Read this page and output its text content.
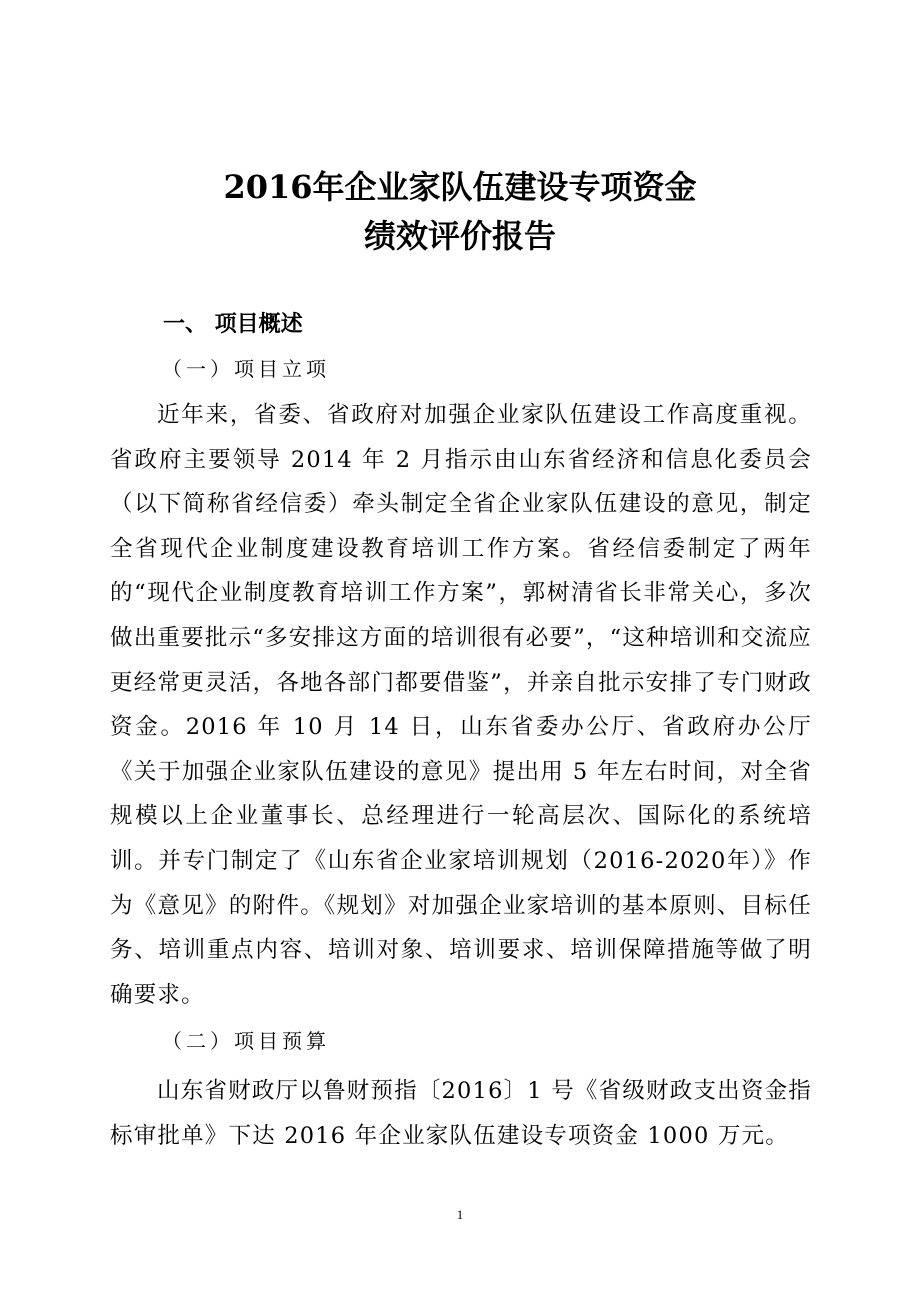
2016年企业家队伍建设专项资金
绩效评价报告
一、 项目概述
（一）项目立项

近年来，省委、省政府对加强企业家队伍建设工作高度重视。省政府主要领导 2014 年 2 月指示由山东省经济和信息化委员会（以下简称省经信委）牵头制定全省企业家队伍建设的意见，制定全省现代企业制度建设教育培训工作方案。省经信委制定了两年的“现代企业制度教育培训工作方案”，郭树清省长非常关心，多次做出重要批示“多安排这方面的培训很有必要”，“这种培训和交流应更经常更灵活，各地各部门都要借鉴”，并亲自批示安排了专门财政资金。2016 年 10 月 14 日，山东省委办公厅、省政府办公厅《关于加强企业家队伍建设的意见》提出用 5 年左右时间，对全省规模以上企业董事长、总经理进行一轮高层次、国际化的系统培训。并专门制定了《山东省企业家培训规划（2016-2020年）》作为《意见》的附件。《规划》对加强企业家培训的基本原则、目标任务、培训重点内容、培训对象、培训要求、培训保障措施等做了明确要求。

（二）项目预算

山东省财政厅以鲁财预指〔2016〕1 号《省级财政支出资金指标审批单》下达 2016 年企业家队伍建设专项资金 1000 万元。

1
